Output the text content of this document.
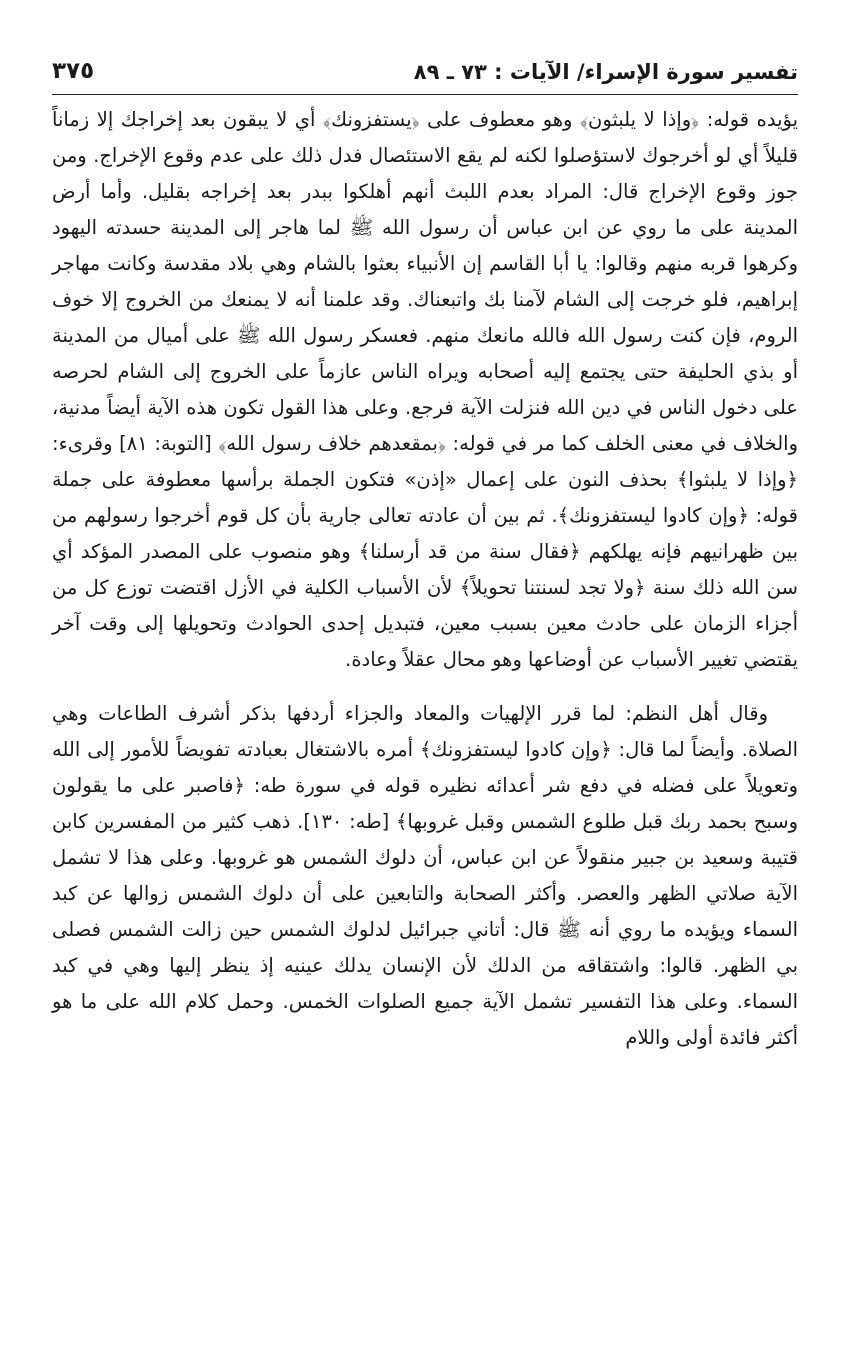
تفسير سورة الإسراء/ الآيات : ٧٣ ـ ٨٩
٣٧٥

يؤيده قوله: ﴿وإذا لا يلبثون﴾ وهو معطوف على ﴿يستفزونك﴾ أي لا يبقون بعد إخراجك إلا زماناً قليلاً أي لو أخرجوك لاستؤصلوا لكنه لم يقع الاستئصال فدل ذلك على عدم وقوع الإخراج. ومن جوز وقوع الإخراج قال: المراد بعدم اللبث أنهم أهلكوا ببدر بعد إخراجه بقليل. وأما أرض المدينة على ما روي عن ابن عباس أن رسول الله ﷺ لما هاجر إلى المدينة حسدته اليهود وكرهوا قربه منهم وقالوا: يا أبا القاسم إن الأنبياء بعثوا بالشام وهي بلاد مقدسة وكانت مهاجر إبراهيم، فلو خرجت إلى الشام لآمنا بك واتبعناك. وقد علمنا أنه لا يمنعك من الخروج إلا خوف الروم، فإن كنت رسول الله فالله مانعك منهم. فعسكر رسول الله ﷺ على أميال من المدينة أو بذي الحليفة حتى يجتمع إليه أصحابه ويراه الناس عازماً على الخروج إلى الشام لحرصه على دخول الناس في دين الله فنزلت الآية فرجع. وعلى هذا القول تكون هذه الآية أيضاً مدنية، والخلاف في معنى الخلف كما مر في قوله: ﴿بمقعدهم خلاف رسول الله﴾ [التوبة: ٨١] وقرىء: ﴿وإذا لا يلبثوا﴾ بحذف النون على إعمال «إذن» فتكون الجملة برأسها معطوفة على جملة قوله: ﴿وإن كادوا ليستفزونك﴾. ثم بين أن عادته تعالى جارية بأن كل قوم أخرجوا رسولهم من بين ظهرانيهم فإنه يهلكهم ﴿فقال سنة من قد أرسلنا﴾ وهو منصوب على المصدر المؤكد أي سن الله ذلك سنة ﴿ولا تجد لسنتنا تحويلاً﴾ لأن الأسباب الكلية في الأزل اقتضت توزع كل من أجزاء الزمان على حادث معين بسبب معين، فتبديل إحدى الحوادث وتحويلها إلى وقت آخر يقتضي تغيير الأسباب عن أوضاعها وهو محال عقلاً وعادة.

وقال أهل النظم: لما قرر الإلهيات والمعاد والجزاء أردفها بذكر أشرف الطاعات وهي الصلاة. وأيضاً لما قال: ﴿وإن كادوا ليستفزونك﴾ أمره بالاشتغال بعبادته تفويضاً للأمور إلى الله وتعويلاً على فضله في دفع شر أعدائه نظيره قوله في سورة طه: ﴿فاصبر على ما يقولون وسبح بحمد ربك قبل طلوع الشمس وقبل غروبها﴾ [طه: ١٣٠]. ذهب كثير من المفسرين كابن قتيبة وسعيد بن جبير منقولاً عن ابن عباس، أن دلوك الشمس هو غروبها. وعلى هذا لا تشمل الآية صلاتي الظهر والعصر. وأكثر الصحابة والتابعين على أن دلوك الشمس زوالها عن كبد السماء ويؤيده ما روي أنه ﷺ قال: أتاني جبرائيل لدلوك الشمس حين زالت الشمس فصلى بي الظهر. قالوا: واشتقاقه من الدلك لأن الإنسان يدلك عينيه إذ ينظر إليها وهي في كبد السماء. وعلى هذا التفسير تشمل الآية جميع الصلوات الخمس. وحمل كلام الله على ما هو أكثر فائدة أولى واللام
